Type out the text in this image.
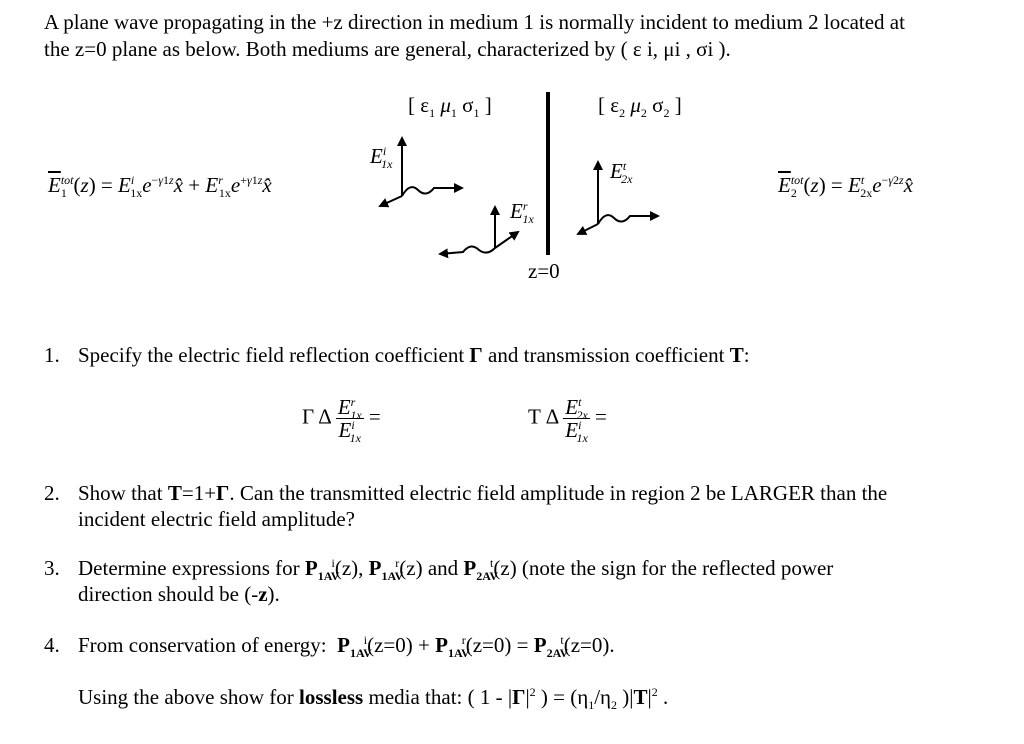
A plane wave propagating in the +z direction in medium 1 is normally incident to medium 2 located at
the z=0 plane as below. Both mediums are general, characterized by ( ε i, μi , σi ).
[ $\varepsilon_1$ $\mu_1$ $\sigma_1$ ]	[ $\varepsilon_2$ $\mu_2$ $\sigma_2$ ]
z=0
$E^i_{1x}$
$E^r_{1x}$
$E^t_{2x}$
$\overline{E}_1^{tot}(z)$ = $E^i_{1x}e^{-\gamma 1z}x̂$ + $E^r_{1x}e^{+\gamma 1z}x̂$	$\overline{E}_2^{tot}(z)$ = $E^t_{2x}e^{-\gamma 2z}x̂$
1. Specify the electric field reflection coefficient Γ and transmission coefficient T:
Γ Δ $\frac{E^r_{1x}}{E^i_{1x}}$ =	T Δ $\frac{E^t_{2x}}{E^i_{1x}}$ =
2. Show that T=1+Γ. Can the transmitted electric field amplitude in region 2 be LARGER than the
incident electric field amplitude?
3. Determine expressions for $P_{1AV}^i(z)$, $P_{1AV}^r(z)$ and $P_{2AV}^t(z)$ (note the sign for the reflected power
direction should be (-z).
4. From conservation of energy:  $P_{1AV}^i(z=0) + P_{1AV}^r(z=0) = P_{2AV}^t(z=0)$.
Using the above show for lossless media that: ( $1 - |\Gamma|^2$ ) = ($\eta_1/\eta_2$ )$|T|^2$ .
